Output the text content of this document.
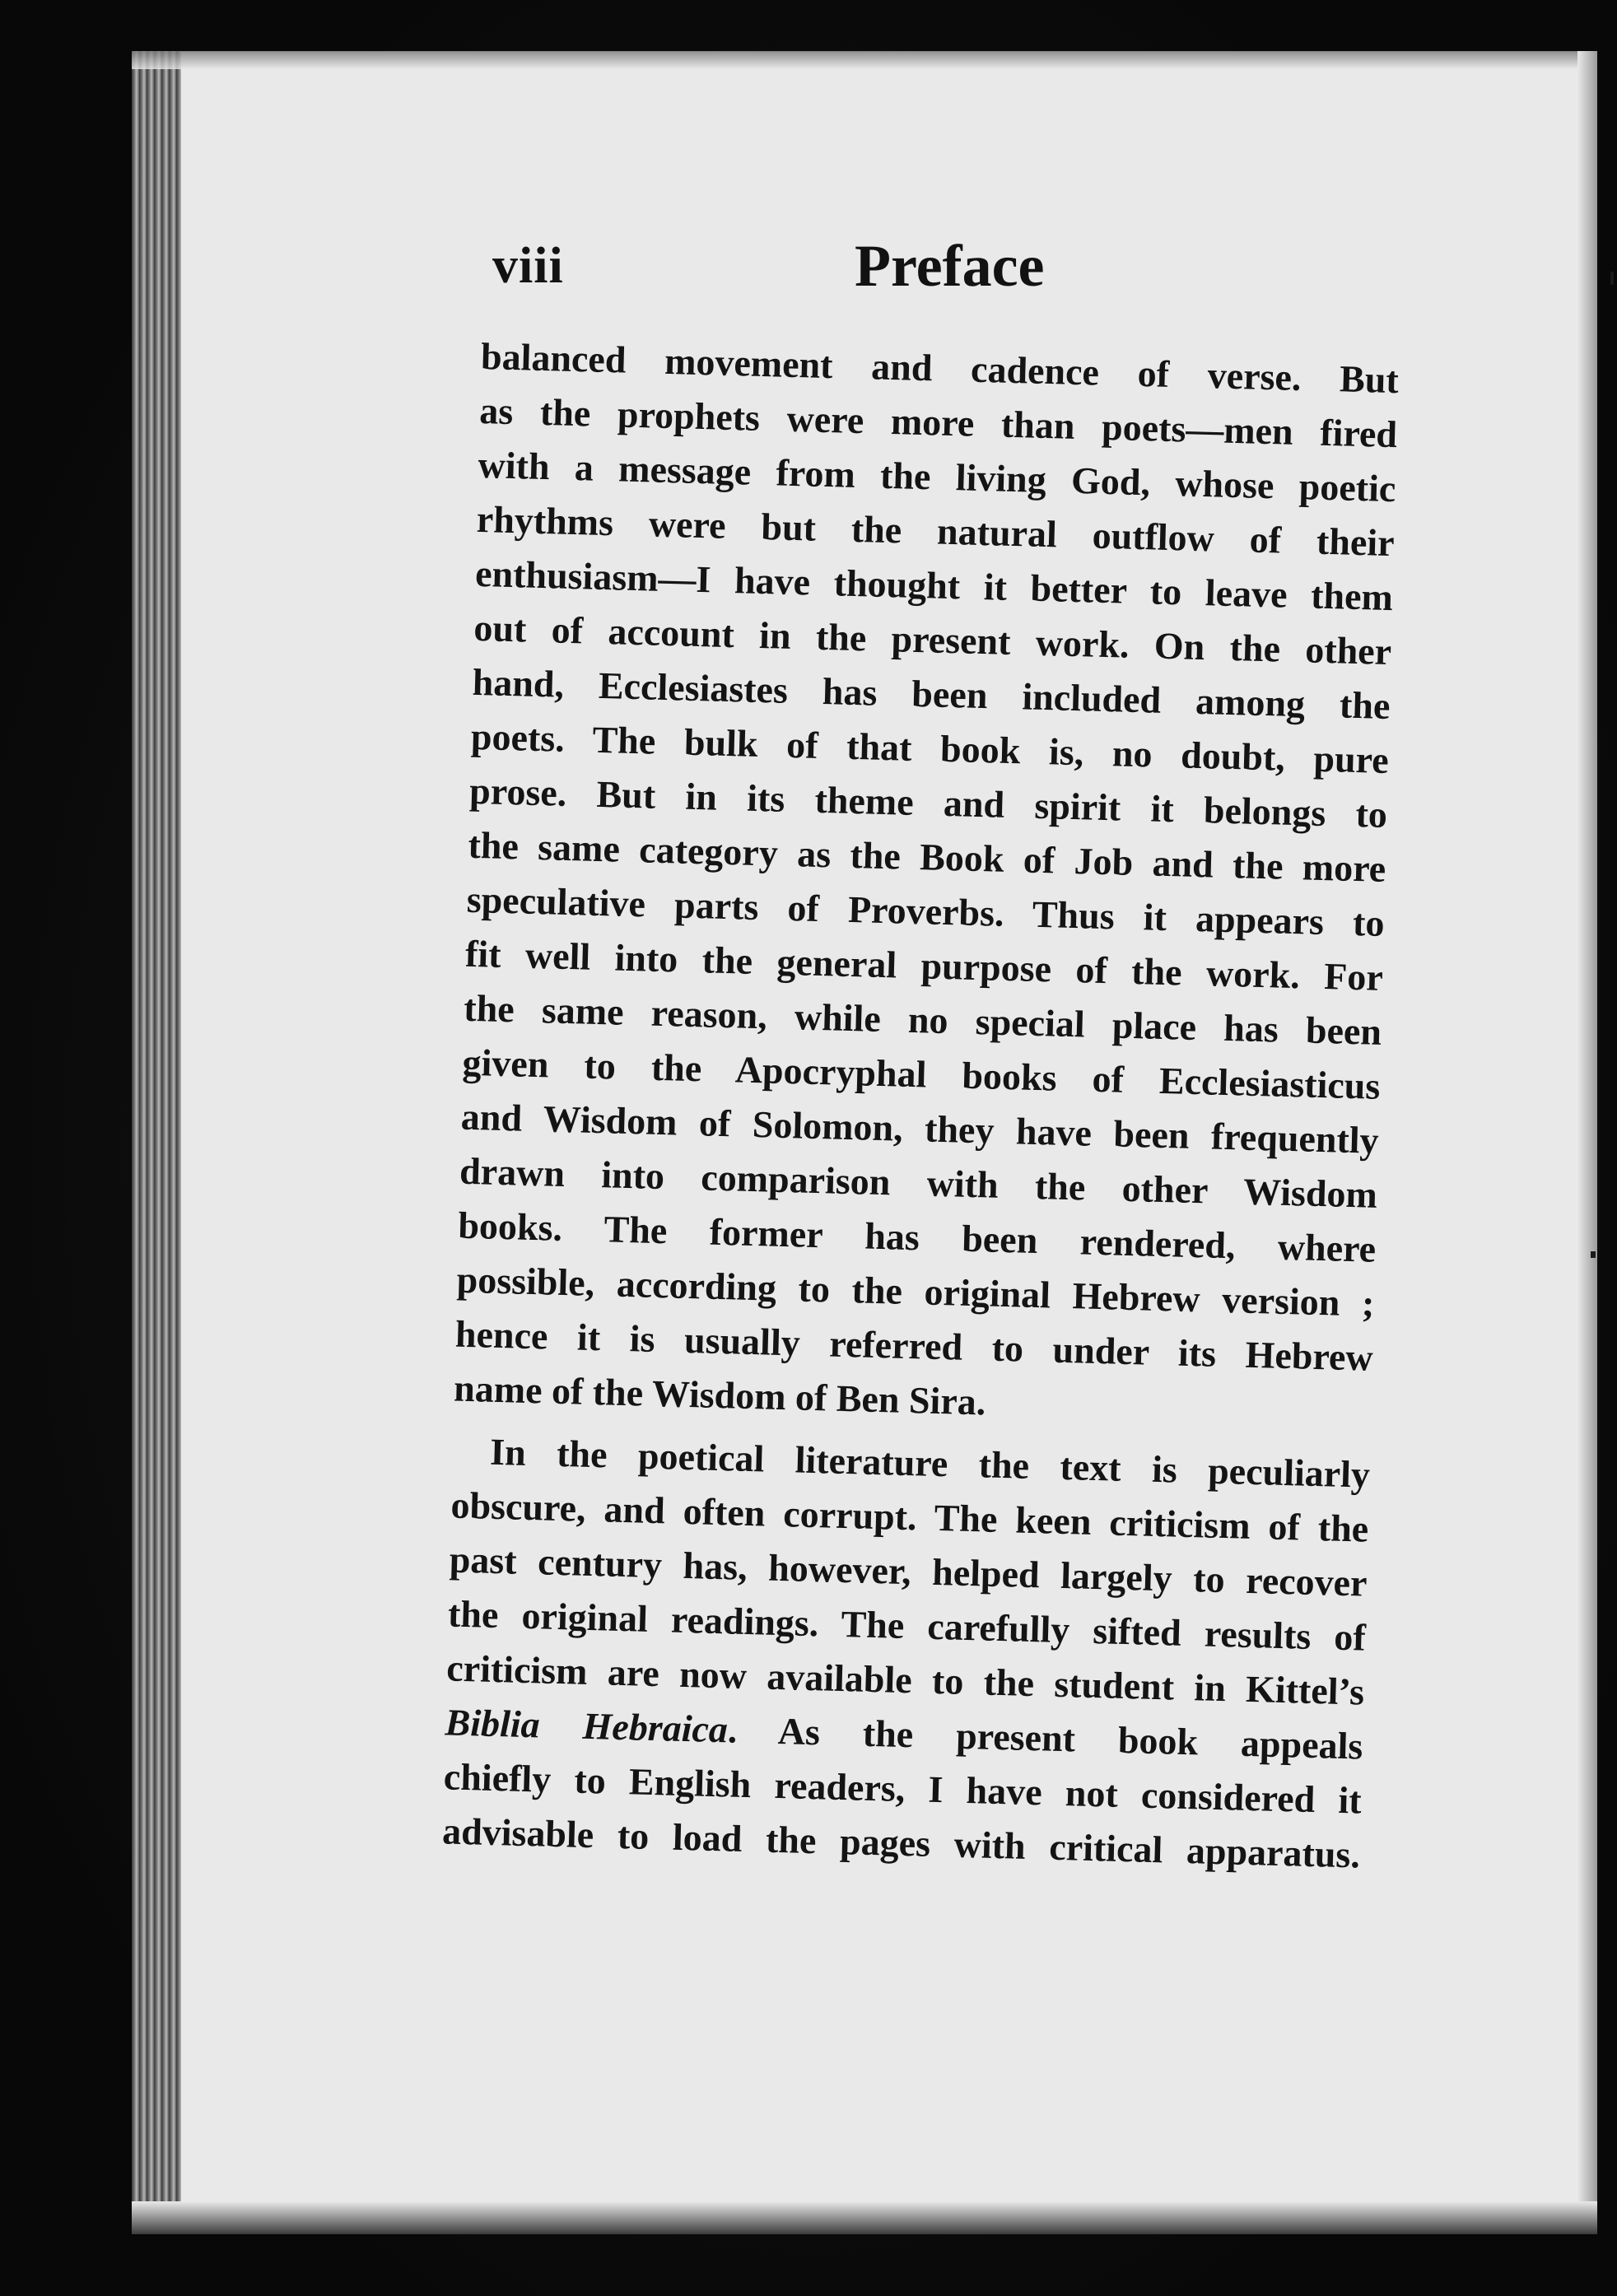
viii	Preface
balanced movement and cadence of verse. But
as the prophets were more than poets—men fired
with a message from the living God, whose poetic
rhythms were but the natural outflow of their
enthusiasm—I have thought it better to leave them
out of account in the present work. On the other
hand, Ecclesiastes has been included among the
poets. The bulk of that book is, no doubt, pure
prose. But in its theme and spirit it belongs to
the same category as the Book of Job and the more
speculative parts of Proverbs. Thus it appears to
fit well into the general purpose of the work. For
the same reason, while no special place has been
given to the Apocryphal books of Ecclesiasticus
and Wisdom of Solomon, they have been frequently
drawn into comparison with the other Wisdom
books. The former has been rendered, where
possible, according to the original Hebrew version ;
hence it is usually referred to under its Hebrew
name of the Wisdom of Ben Sira.
In the poetical literature the text is peculiarly
obscure, and often corrupt. The keen criticism of the
past century has, however, helped largely to recover
the original readings. The carefully sifted results of
criticism are now available to the student in Kittel’s
Biblia Hebraica. As the present book appeals
chiefly to English readers, I have not considered it
advisable to load the pages with critical apparatus.
